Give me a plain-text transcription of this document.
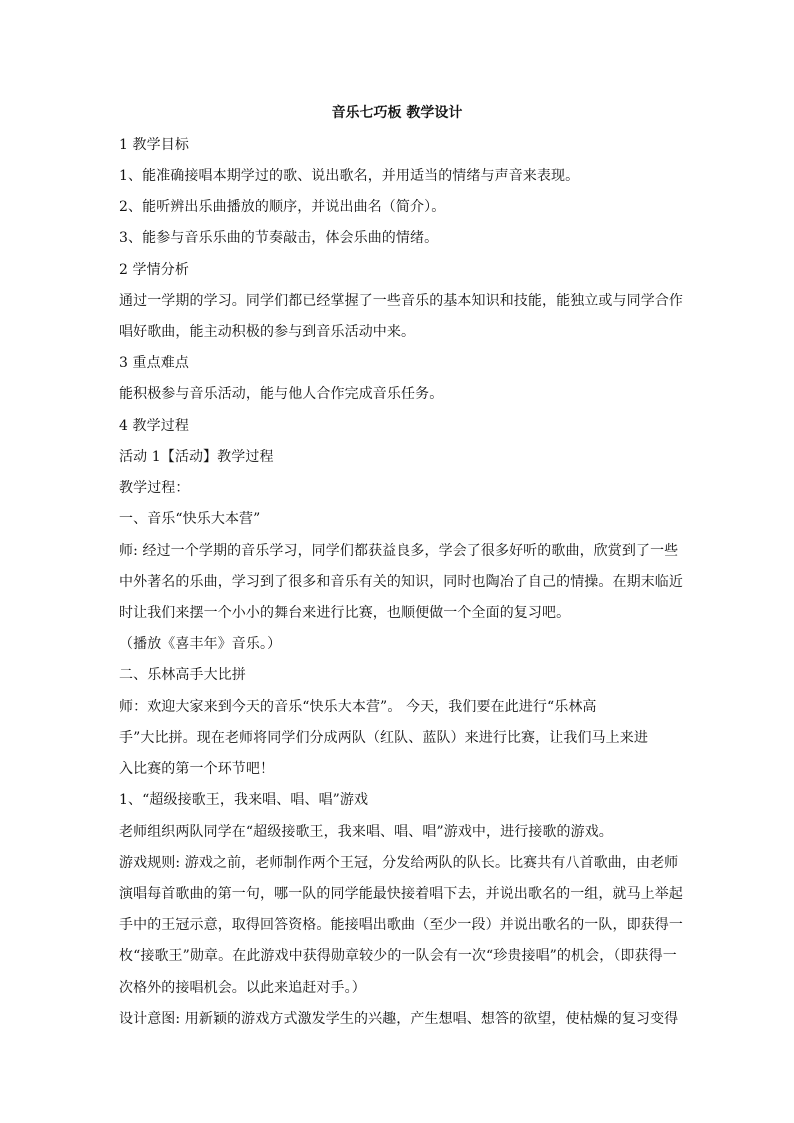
音乐七巧板 教学设计
1 教学目标
1、能准确接唱本期学过的歌、说出歌名，并用适当的情绪与声音来表现。
2、能听辨出乐曲播放的顺序，并说出曲名（简介）。
3、能参与音乐乐曲的节奏敲击，体会乐曲的情绪。
2 学情分析
通过一学期的学习。同学们都已经掌握了一些音乐的基本知识和技能，能独立或与同学合作
唱好歌曲，能主动积极的参与到音乐活动中来。
3 重点难点
能积极参与音乐活动，能与他人合作完成音乐任务。
4 教学过程
活动 1【活动】教学过程
教学过程：
一、音乐“快乐大本营”
师: 经过一个学期的音乐学习，同学们都获益良多，学会了很多好听的歌曲，欣赏到了一些
中外著名的乐曲，学习到了很多和音乐有关的知识，同时也陶冶了自己的情操。在期末临近
时让我们来摆一个小小的舞台来进行比赛，也顺便做一个全面的复习吧。
（播放《喜丰年》音乐。）
二、乐林高手大比拼
师：欢迎大家来到今天的音乐“快乐大本营”。 今天，我们要在此进行“乐林高
手”大比拼。现在老师将同学们分成两队（红队、蓝队）来进行比赛，让我们马上来进
入比赛的第一个环节吧！
1、“超级接歌王，我来唱、唱、唱”游戏
老师组织两队同学在“超级接歌王，我来唱、唱、唱”游戏中，进行接歌的游戏。
游戏规则: 游戏之前，老师制作两个王冠，分发给两队的队长。比赛共有八首歌曲，由老师
演唱每首歌曲的第一句，哪一队的同学能最快接着唱下去，并说出歌名的一组，就马上举起
手中的王冠示意，取得回答资格。能接唱出歌曲（至少一段）并说出歌名的一队，即获得一
枚“接歌王”勋章。在此游戏中获得勋章较少的一队会有一次“珍贵接唱”的机会，（即获得一
次格外的接唱机会。以此来追赶对手。）
设计意图: 用新颖的游戏方式激发学生的兴趣，产生想唱、想答的欲望，使枯燥的复习变得
